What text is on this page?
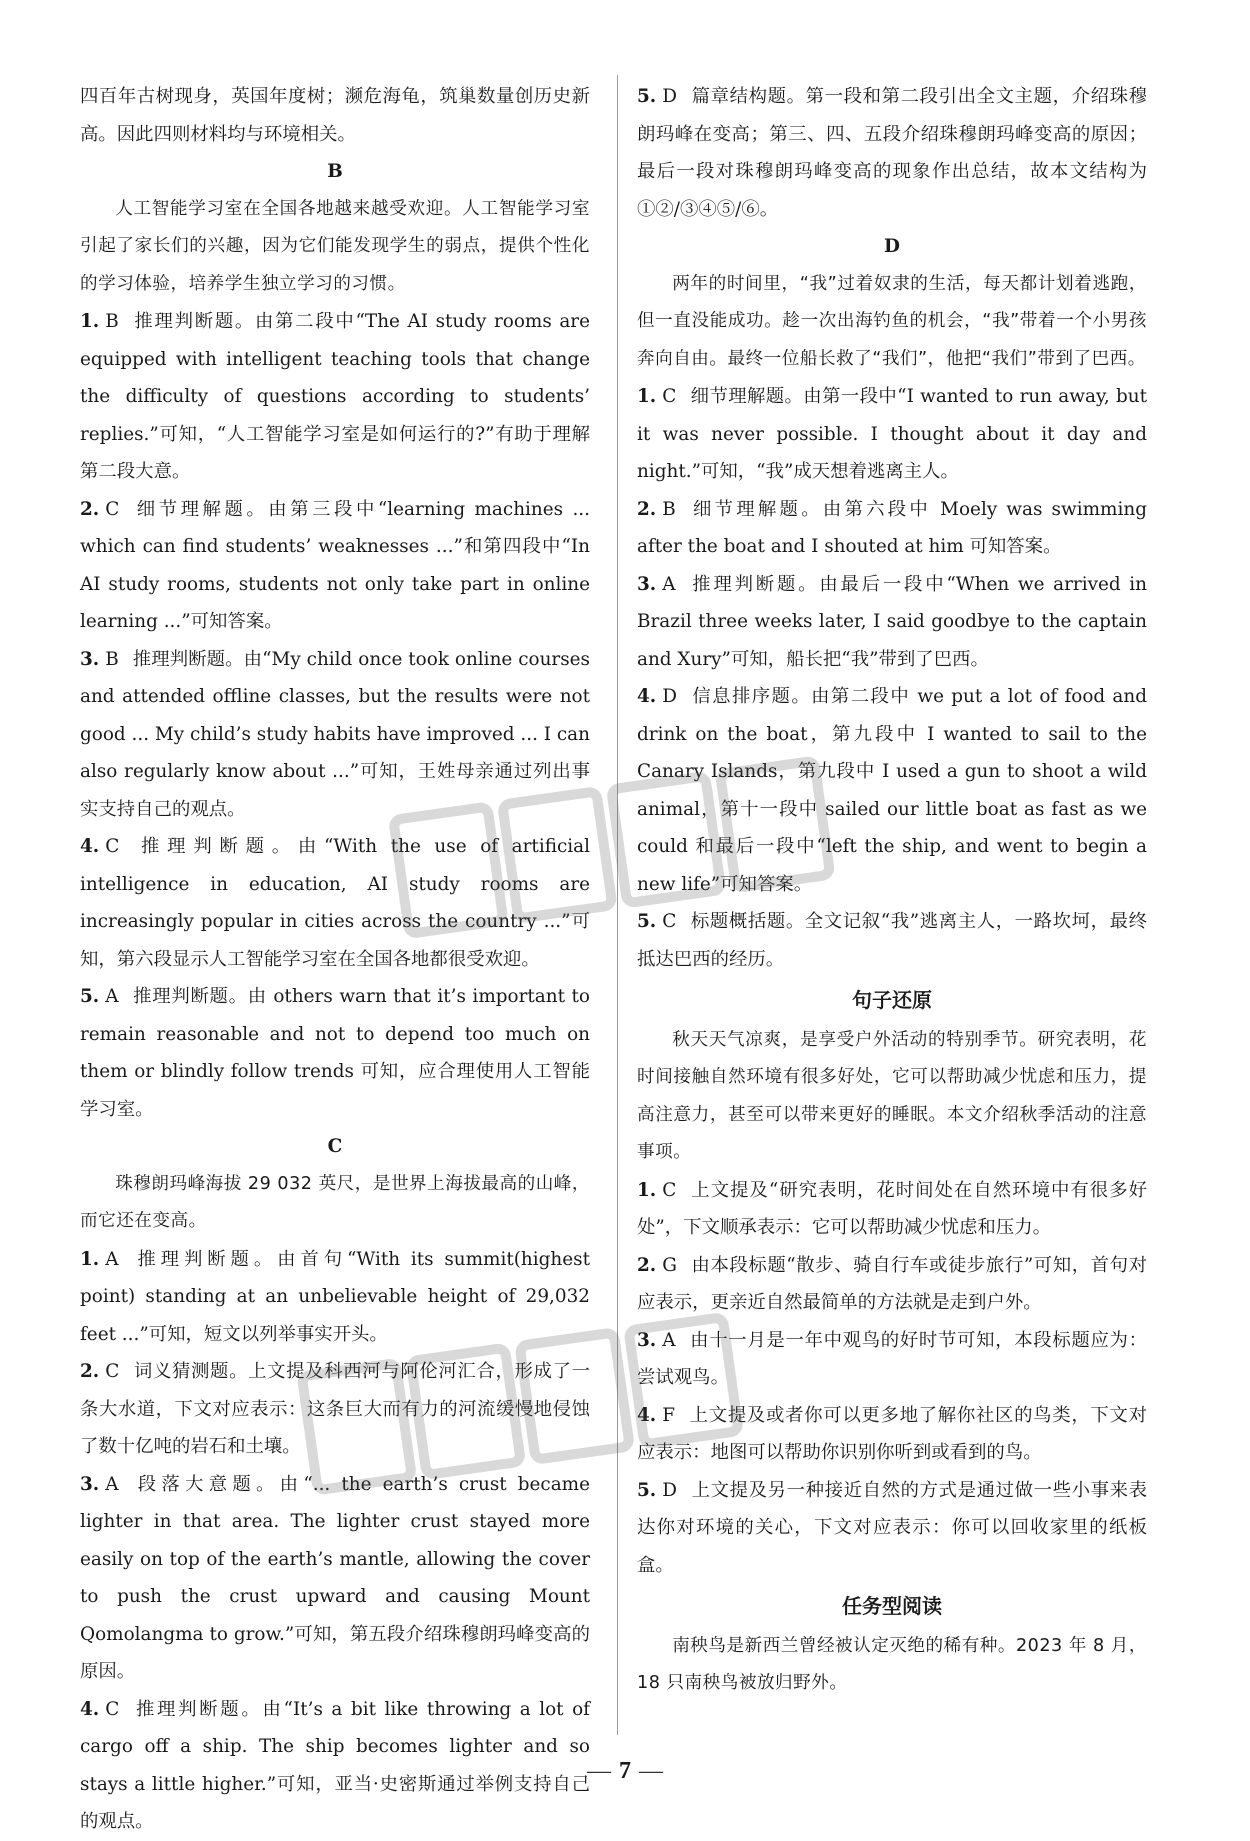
四百年古树现身，英国年度树；濒危海龟，筑巢数量创历史新高。因此四则材料均与环境相关。

B

人工智能学习室在全国各地越来越受欢迎。人工智能学习室引起了家长们的兴趣，因为它们能发现学生的弱点，提供个性化的学习体验，培养学生独立学习的习惯。

1. B 推理判断题。由第二段中“The AI study rooms are equipped with intelligent teaching tools that change the difficulty of questions according to students’ replies.”可知，“人工智能学习室是如何运行的?”有助于理解第二段大意。

2. C 细节理解题。由第三段中“learning machines ... which can find students’ weaknesses ...”和第四段中“In AI study rooms, students not only take part in online learning ...”可知答案。

3. B 推理判断题。由“My child once took online courses and attended offline classes, but the results were not good ... My child’s study habits have improved ... I can also regularly know about ...”可知，王姓母亲通过列出事实支持自己的观点。

4. C 推理判断题。由“With the use of artificial intelligence in education, AI study rooms are increasingly popular in cities across the country ...”可知，第六段显示人工智能学习室在全国各地都很受欢迎。

5. A 推理判断题。由 others warn that it’s important to remain reasonable and not to depend too much on them or blindly follow trends 可知，应合理使用人工智能学习室。

C

珠穆朗玛峰海拔 29 032 英尺，是世界上海拔最高的山峰，而它还在变高。

1. A 推理判断题。由首句“With its summit(highest point) standing at an unbelievable height of 29,032 feet ...”可知，短文以列举事实开头。

2. C 词义猜测题。上文提及科西河与阿伦河汇合，形成了一条大水道，下文对应表示：这条巨大而有力的河流缓慢地侵蚀了数十亿吨的岩石和土壤。

3. A 段落大意题。由“... the earth’s crust became lighter in that area. The lighter crust stayed more easily on top of the earth’s mantle, allowing the cover to push the crust upward and causing Mount Qomolangma to grow.”可知，第五段介绍珠穆朗玛峰变高的原因。

4. C 推理判断题。由“It’s a bit like throwing a lot of cargo off a ship. The ship becomes lighter and so stays a little higher.”可知，亚当·史密斯通过举例支持自己的观点。

5. D 篇章结构题。第一段和第二段引出全文主题，介绍珠穆朗玛峰在变高；第三、四、五段介绍珠穆朗玛峰变高的原因；最后一段对珠穆朗玛峰变高的现象作出总结，故本文结构为①②/③④⑤/⑥。

D

两年的时间里，“我”过着奴隶的生活，每天都计划着逃跑，但一直没能成功。趁一次出海钓鱼的机会，“我”带着一个小男孩奔向自由。最终一位船长救了“我们”，他把“我们”带到了巴西。

1. C 细节理解题。由第一段中“I wanted to run away, but it was never possible. I thought about it day and night.”可知，“我”成天想着逃离主人。

2. B 细节理解题。由第六段中 Moely was swimming after the boat and I shouted at him 可知答案。

3. A 推理判断题。由最后一段中“When we arrived in Brazil three weeks later, I said goodbye to the captain and Xury”可知，船长把“我”带到了巴西。

4. D 信息排序题。由第二段中 we put a lot of food and drink on the boat，第九段中 I wanted to sail to the Canary Islands，第九段中 I used a gun to shoot a wild animal，第十一段中 sailed our little boat as fast as we could 和最后一段中“left the ship, and went to begin a new life”可知答案。

5. C 标题概括题。全文记叙“我”逃离主人，一路坎坷，最终抵达巴西的经历。

句子还原

秋天天气凉爽，是享受户外活动的特别季节。研究表明，花时间接触自然环境有很多好处，它可以帮助减少忧虑和压力，提高注意力，甚至可以带来更好的睡眠。本文介绍秋季活动的注意事项。

1. C 上文提及“研究表明，花时间处在自然环境中有很多好处”，下文顺承表示：它可以帮助减少忧虑和压力。

2. G 由本段标题“散步、骑自行车或徒步旅行”可知，首句对应表示，更亲近自然最简单的方法就是走到户外。

3. A 由十一月是一年中观鸟的好时节可知，本段标题应为：尝试观鸟。

4. F 上文提及或者你可以更多地了解你社区的鸟类，下文对应表示：地图可以帮助你识别你听到或看到的鸟。

5. D 上文提及另一种接近自然的方式是通过做一些小事来表达你对环境的关心，下文对应表示：你可以回收家里的纸板盒。

任务型阅读

南秧鸟是新西兰曾经被认定灭绝的稀有种。2023 年 8 月，18 只南秧鸟被放归野外。

— 7 —
